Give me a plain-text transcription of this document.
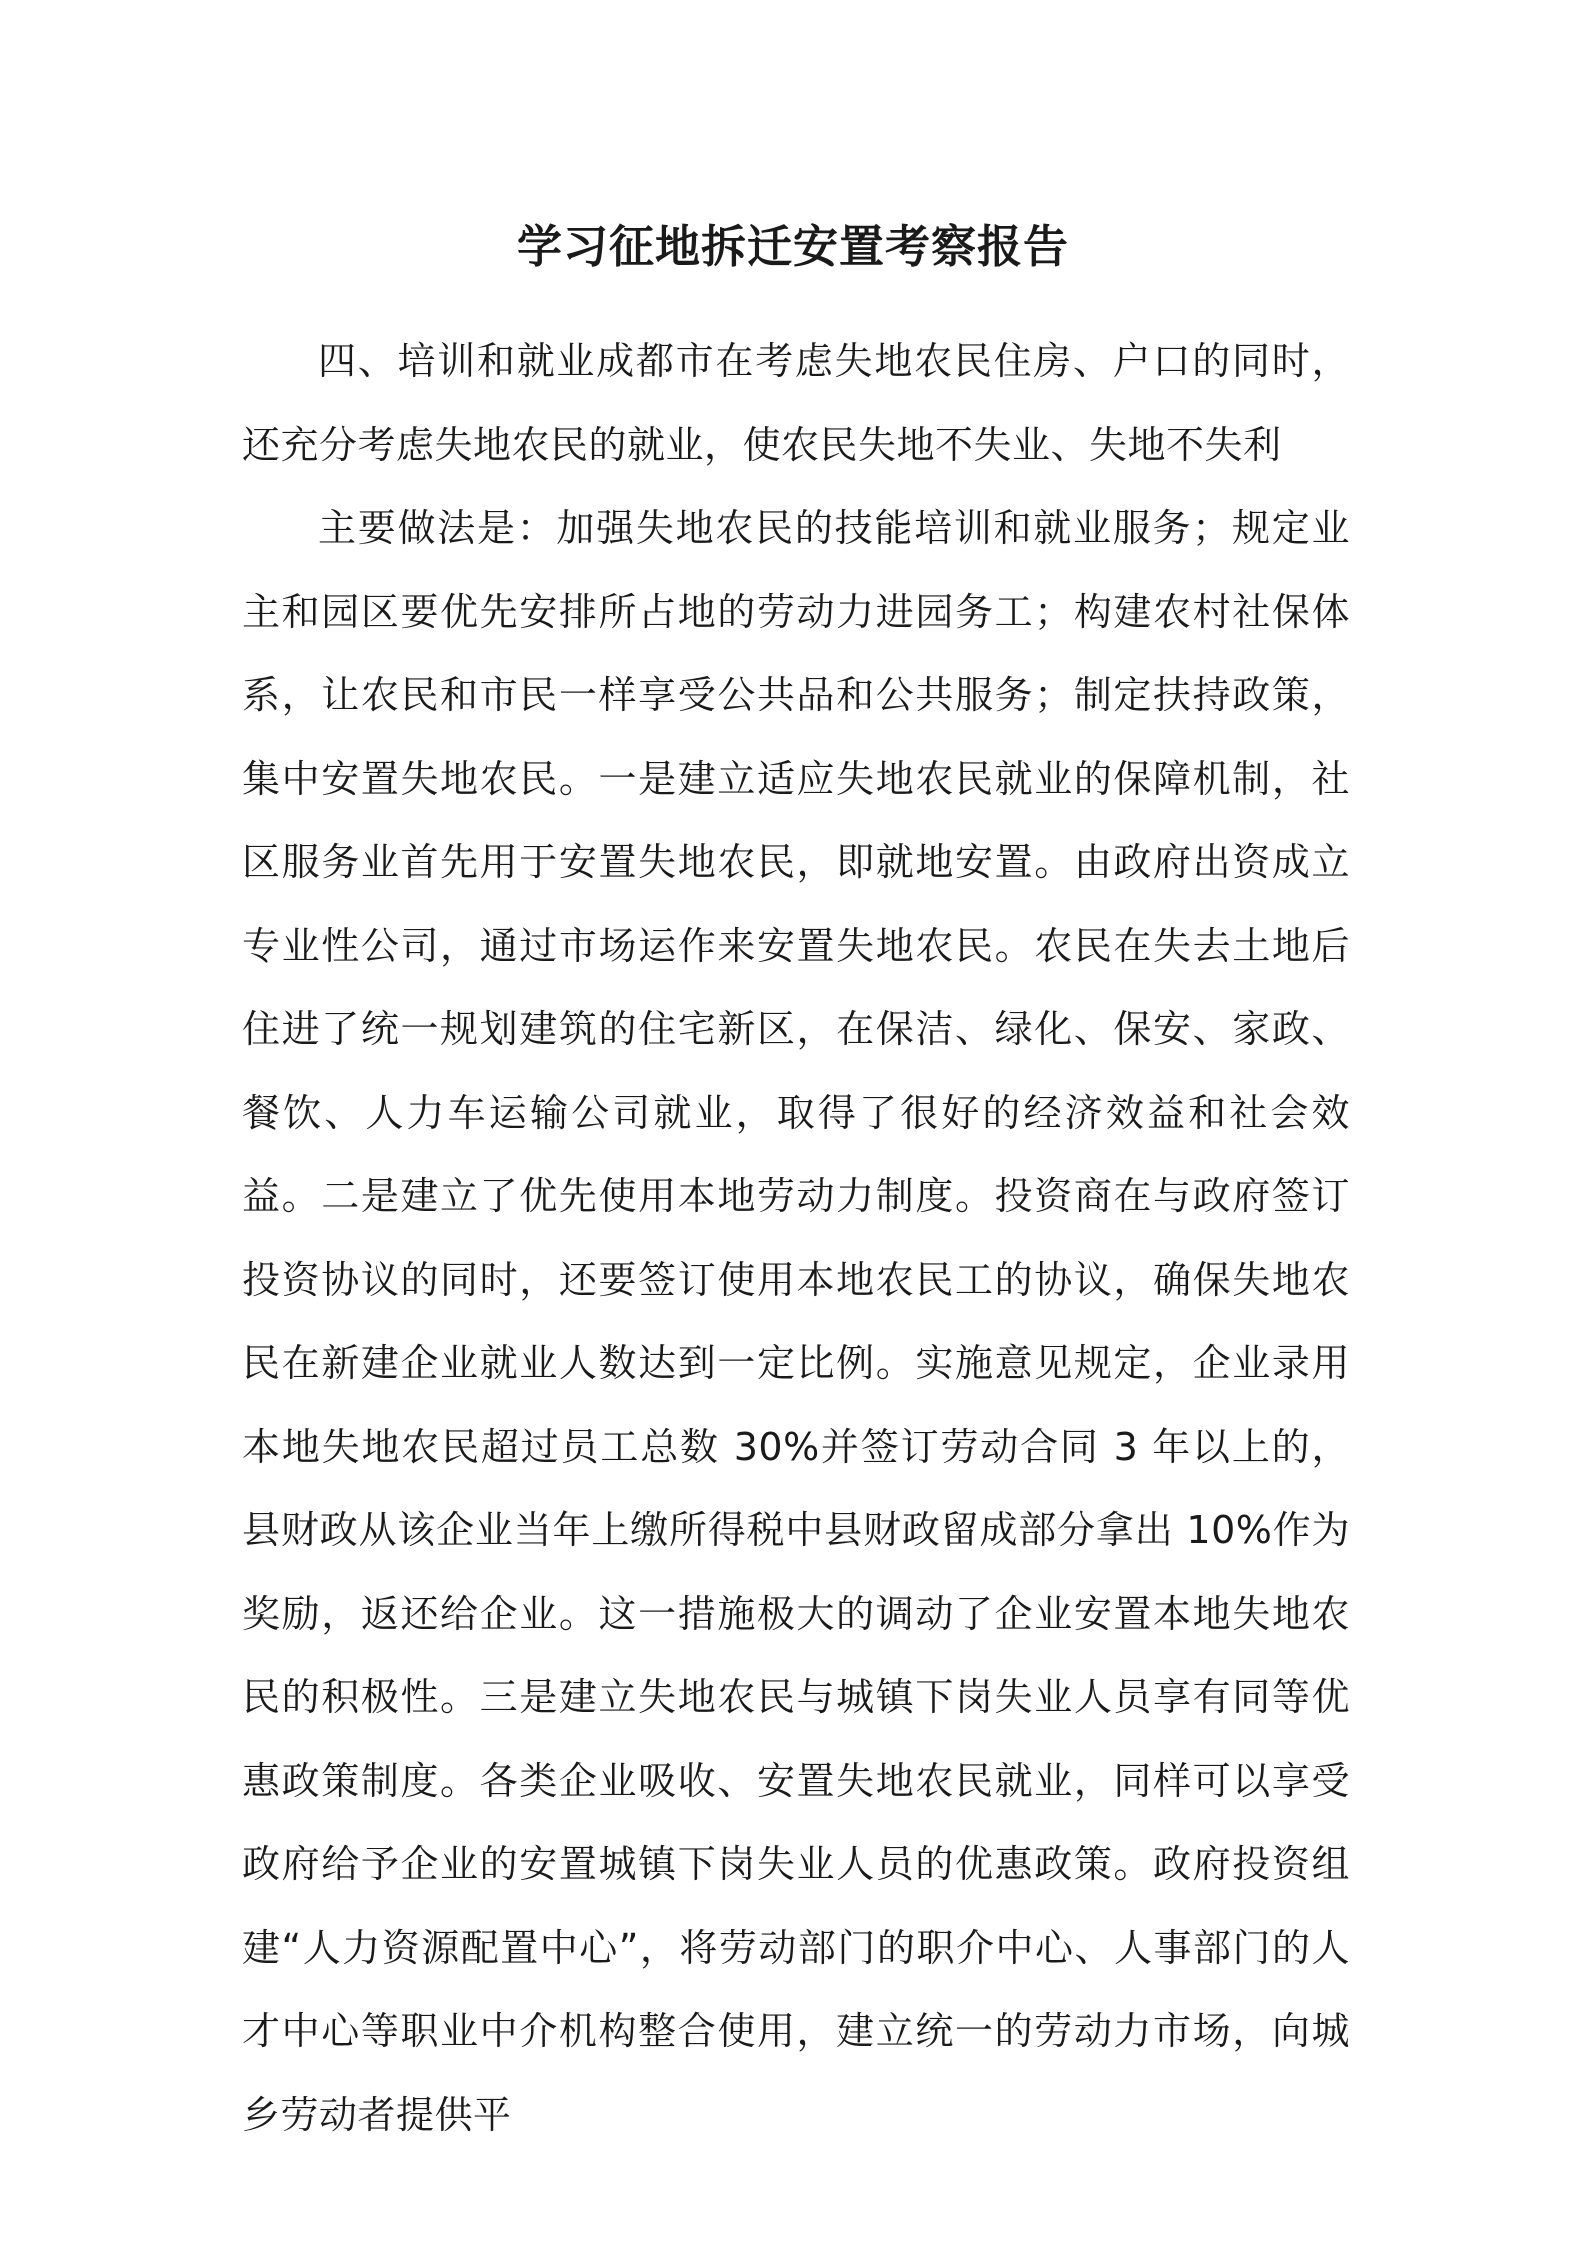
学习征地拆迁安置考察报告

四、培训和就业成都市在考虑失地农民住房、户口的同时，还充分考虑失地农民的就业，使农民失地不失业、失地不失利

主要做法是：加强失地农民的技能培训和就业服务；规定业主和园区要优先安排所占地的劳动力进园务工；构建农村社保体系，让农民和市民一样享受公共品和公共服务；制定扶持政策，集中安置失地农民。一是建立适应失地农民就业的保障机制，社区服务业首先用于安置失地农民，即就地安置。由政府出资成立专业性公司，通过市场运作来安置失地农民。农民在失去土地后住进了统一规划建筑的住宅新区，在保洁、绿化、保安、家政、餐饮、人力车运输公司就业，取得了很好的经济效益和社会效益。二是建立了优先使用本地劳动力制度。投资商在与政府签订投资协议的同时，还要签订使用本地农民工的协议，确保失地农民在新建企业就业人数达到一定比例。实施意见规定，企业录用本地失地农民超过员工总数 30%并签订劳动合同 3 年以上的，县财政从该企业当年上缴所得税中县财政留成部分拿出 10%作为奖励，返还给企业。这一措施极大的调动了企业安置本地失地农民的积极性。三是建立失地农民与城镇下岗失业人员享有同等优惠政策制度。各类企业吸收、安置失地农民就业，同样可以享受政府给予企业的安置城镇下岗失业人员的优惠政策。政府投资组建“人力资源配置中心”，将劳动部门的职介中心、人事部门的人才中心等职业中介机构整合使用，建立统一的劳动力市场，向城乡劳动者提供平
